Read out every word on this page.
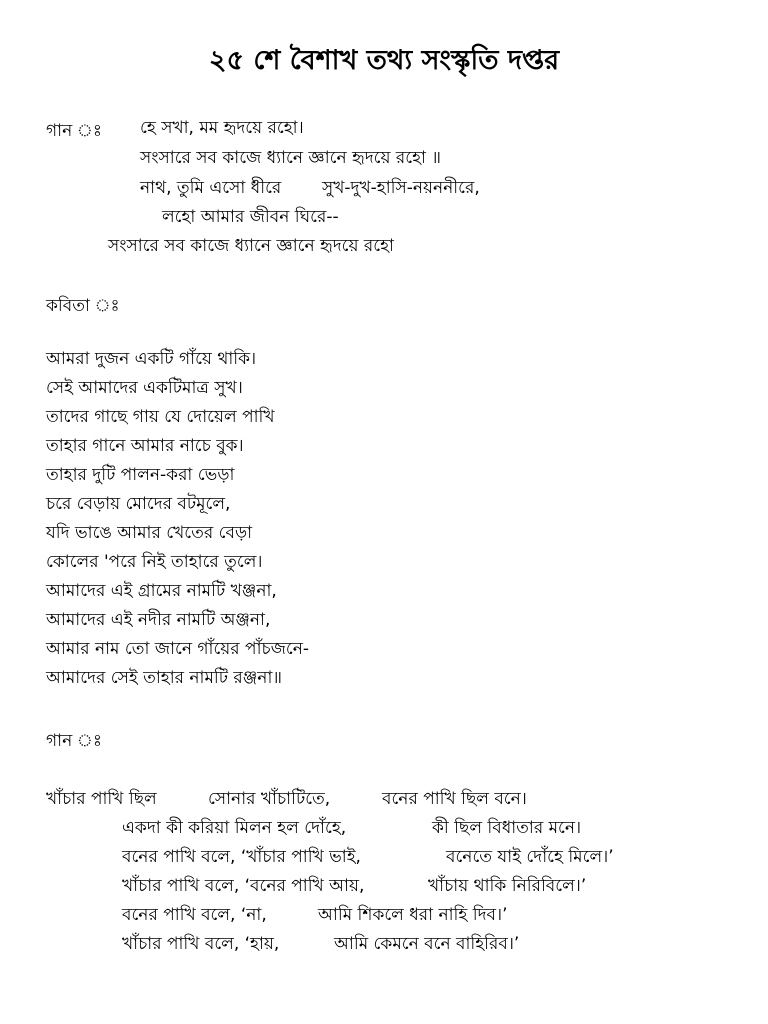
২৫ শে বৈশাখ তথ্য সংস্কৃতি দপ্তর
গান ঃ হে সখা, মম হৃদয়ে রহো।
সংসারে সব কাজে ধ্যানে জ্ঞানে হৃদয়ে রহো ॥
নাথ, তুমি এসো ধীরে সুখ-দুখ-হাসি-নয়ননীরে,
লহো আমার জীবন ঘিরে--
সংসারে সব কাজে ধ্যানে জ্ঞানে হৃদয়ে রহো
কবিতা ঃ
আমরা দুজন একটি গাঁয়ে থাকি।
সেই আমাদের একটিমাত্র সুখ।
তাদের গাছে গায় যে দোয়েল পাখি
তাহার গানে আমার নাচে বুক।
তাহার দুটি পালন-করা ভেড়া
চরে বেড়ায় মোদের বটমূলে,
যদি ভাঙে আমার খেতের বেড়া
কোলের 'পরে নিই তাহারে তুলে।
আমাদের এই গ্রামের নামটি খঞ্জনা,
আমাদের এই নদীর নামটি অঞ্জনা,
আমার নাম তো জানে গাঁয়ের পাঁচজনে-
আমাদের সেই তাহার নামটি রঞ্জনা॥
গান ঃ
খাঁচার পাখি ছিল	সোনার খাঁচাটিতে,	বনের পাখি ছিল বনে।
একদা কী করিয়া মিলন হল দোঁহে,	কী ছিল বিধাতার মনে।
বনের পাখি বলে, ‘খাঁচার পাখি ভাই,	বনেতে যাই দোঁহে মিলে।’
খাঁচার পাখি বলে, ‘বনের পাখি আয়,	খাঁচায় থাকি নিরিবিলে।’
বনের পাখি বলে, ‘না,	আমি শিকলে ধরা নাহি দিব।’
খাঁচার পাখি বলে, ‘হায়,	আমি কেমনে বনে বাহিরিব।’
